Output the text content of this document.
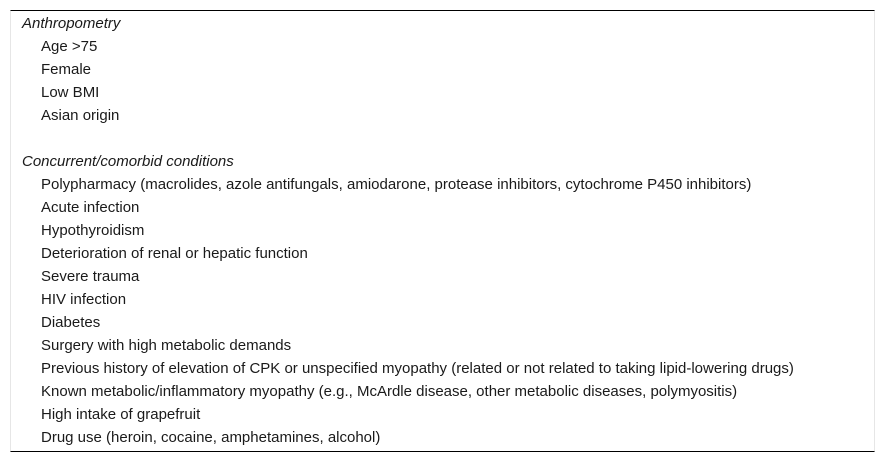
Anthropometry
Age >75
Female
Low BMI
Asian origin
Concurrent/comorbid conditions
Polypharmacy (macrolides, azole antifungals, amiodarone, protease inhibitors, cytochrome P450 inhibitors)
Acute infection
Hypothyroidism
Deterioration of renal or hepatic function
Severe trauma
HIV infection
Diabetes
Surgery with high metabolic demands
Previous history of elevation of CPK or unspecified myopathy (related or not related to taking lipid-lowering drugs)
Known metabolic/inflammatory myopathy (e.g., McArdle disease, other metabolic diseases, polymyositis)
High intake of grapefruit
Drug use (heroin, cocaine, amphetamines, alcohol)
